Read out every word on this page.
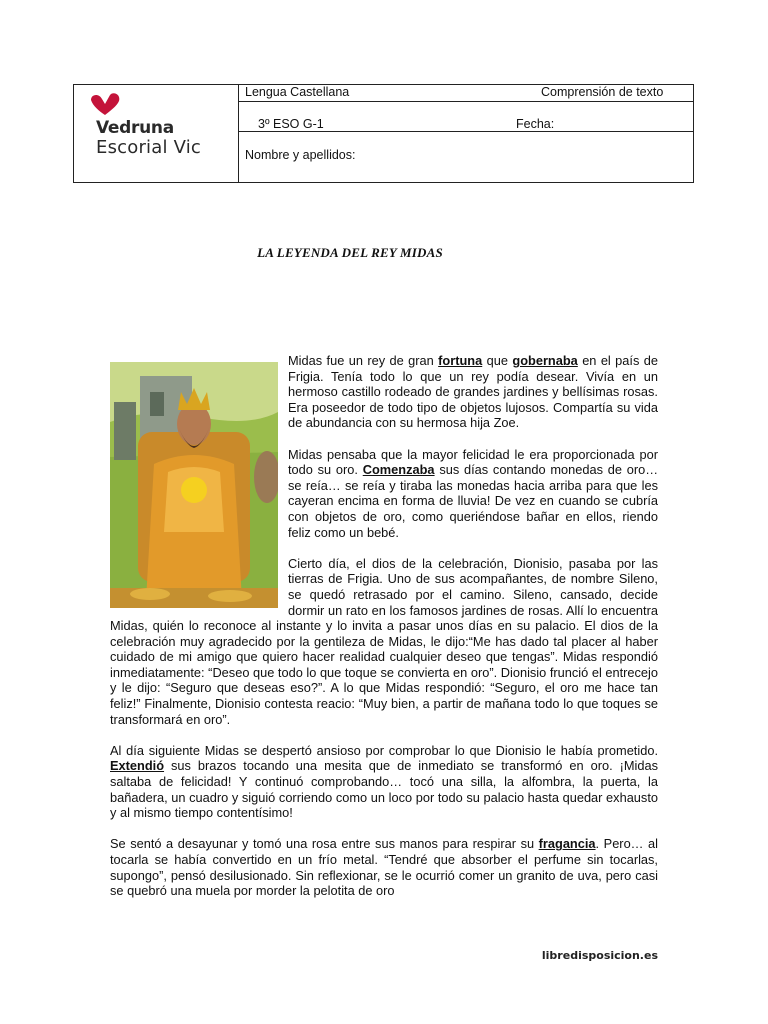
Vedruna
Escorial Vic
Lengua Castellana	Comprensión de texto
3º ESO G-1	Fecha:
Nombre y apellidos:
LA LEYENDA DEL REY MIDAS

Midas fue un rey de gran fortuna que gobernaba en el país de Frigia. Tenía todo lo que un rey podía desear. Vivía en un hermoso castillo rodeado de grandes jardines y bellísimas rosas. Era poseedor de todo tipo de objetos lujosos. Compartía su vida de abundancia con su hermosa hija Zoe.

Midas pensaba que la mayor felicidad le era proporcionada por todo su oro. Comenzaba sus días contando monedas de oro… se reía… se reía y tiraba las monedas hacia arriba para que les cayeran encima en forma de lluvia! De vez en cuando se cubría con objetos de oro, como queriéndose bañar en ellos, riendo feliz como un bebé.

Cierto día, el dios de la celebración, Dionisio, pasaba por las tierras de Frigia. Uno de sus acompañantes, de nombre Sileno, se quedó retrasado por el camino. Sileno, cansado, decide dormir un rato en los famosos jardines de rosas. Allí lo encuentra Midas, quién lo reconoce al instante y lo invita a pasar unos días en su palacio. El dios de la celebración muy agradecido por la gentileza de Midas, le dijo:“Me has dado tal placer al haber cuidado de mi amigo que quiero hacer realidad cualquier deseo que tengas”. Midas respondió inmediatamente: “Deseo que todo lo que toque se convierta en oro”. Dionisio frunció el entrecejo y le dijo: “Seguro que deseas eso?”. A lo que Midas respondió: “Seguro, el oro me hace tan feliz!” Finalmente, Dionisio contesta reacio: “Muy bien, a partir de mañana todo lo que toques se transformará en oro”.

Al día siguiente Midas se despertó ansioso por comprobar lo que Dionisio le había prometido. Extendió sus brazos tocando una mesita que de inmediato se transformó en oro. ¡Midas saltaba de felicidad! Y continuó comprobando… tocó una silla, la alfombra, la puerta, la bañadera, un cuadro y siguió corriendo como un loco por todo su palacio hasta quedar exhausto y al mismo tiempo contentísimo!

Se sentó a desayunar y tomó una rosa entre sus manos para respirar su fragancia. Pero… al tocarla se había convertido en un frío metal. “Tendré que absorber el perfume sin tocarlas, supongo”, pensó desilusionado. Sin reflexionar, se le ocurrió comer un granito de uva, pero casi se quebró una muela por morder la pelotita de oro

libredisposicion.es
